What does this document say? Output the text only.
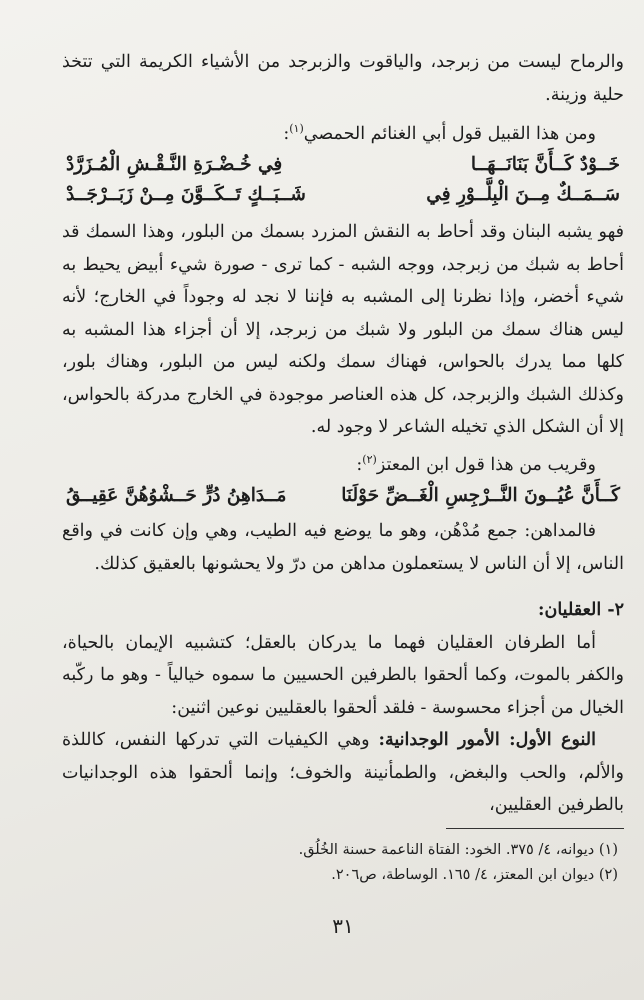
والرماح ليست من زبرجد، والياقوت والزبرجد من الأشياء الكريمة التي تتخذ حلية وزينة.

ومن هذا القبيل قول أبي الغنائم الحمصي$^{(١)}$:

خَــوْدٌ كَــأَنَّ بَنَانَــهَــا
فِي خُـضْـرَةِ النَّـقْـشِ الْمُـزَرَّدْ
سَــمَــكٌ مِــنَ الْبِلَّــوْرِ فِي
شَــبَــكٍ تَــكَــوَّنَ مِــنْ زَبَــرْجَــدْ

فهو يشبه البنان وقد أحاط به النقش المزرد بسمك من البلور، وهذا السمك قد أحاط به شبك من زبرجد، ووجه الشبه - كما ترى - صورة شيء أبيض يحيط به شيء أخضر، وإذا نظرنا إلى المشبه به فإننا لا نجد له وجوداً في الخارج؛ لأنه ليس هناك سمك من البلور ولا شبك من زبرجد، إلا أن أجزاء هذا المشبه به كلها مما يدرك بالحواس، فهناك سمك ولكنه ليس من البلور، وهناك بلور، وكذلك الشبك والزبرجد، كل هذه العناصر موجودة في الخارج مدركة بالحواس، إلا أن الشكل الذي تخيله الشاعر لا وجود له.

وقريب من هذا قول ابن المعتز$^{(٢)}$:

كَــأَنَّ عُيُــونَ النَّــرْجِسِ الْغَــضِّ حَوْلَنَا
مَــدَاهِنُ دُرٍّ حَــشْوُهُنَّ عَقِيــقُ

فالمداهن: جمع مُدْهُن، وهو ما يوضع فيه الطيب، وهي وإن كانت في واقع الناس، إلا أن الناس لا يستعملون مداهن من درّ ولا يحشونها بالعقيق كذلك.

٢- العقليان:

أما الطرفان العقليان فهما ما يدركان بالعقل؛ كتشبيه الإيمان بالحياة، والكفر بالموت، وكما ألحقوا بالطرفين الحسيين ما سموه خيالياً - وهو ما ركّبه الخيال من أجزاء محسوسة - فلقد ألحقوا بالعقليين نوعين اثنين:

النوع الأول: الأمور الوجدانية: وهي الكيفيات التي تدركها النفس، كاللذة والألم، والحب والبغض، والطمأنينة والخوف؛ وإنما ألحقوا هذه الوجدانيات بالطرفين العقليين،

(١) ديوانه، ٤/ ٣٧٥. الخود: الفتاة الناعمة حسنة الخُلُق.

(٢) ديوان ابن المعتز، ٤/ ١٦٥. الوساطة، ص٢٠٦.

٣١
